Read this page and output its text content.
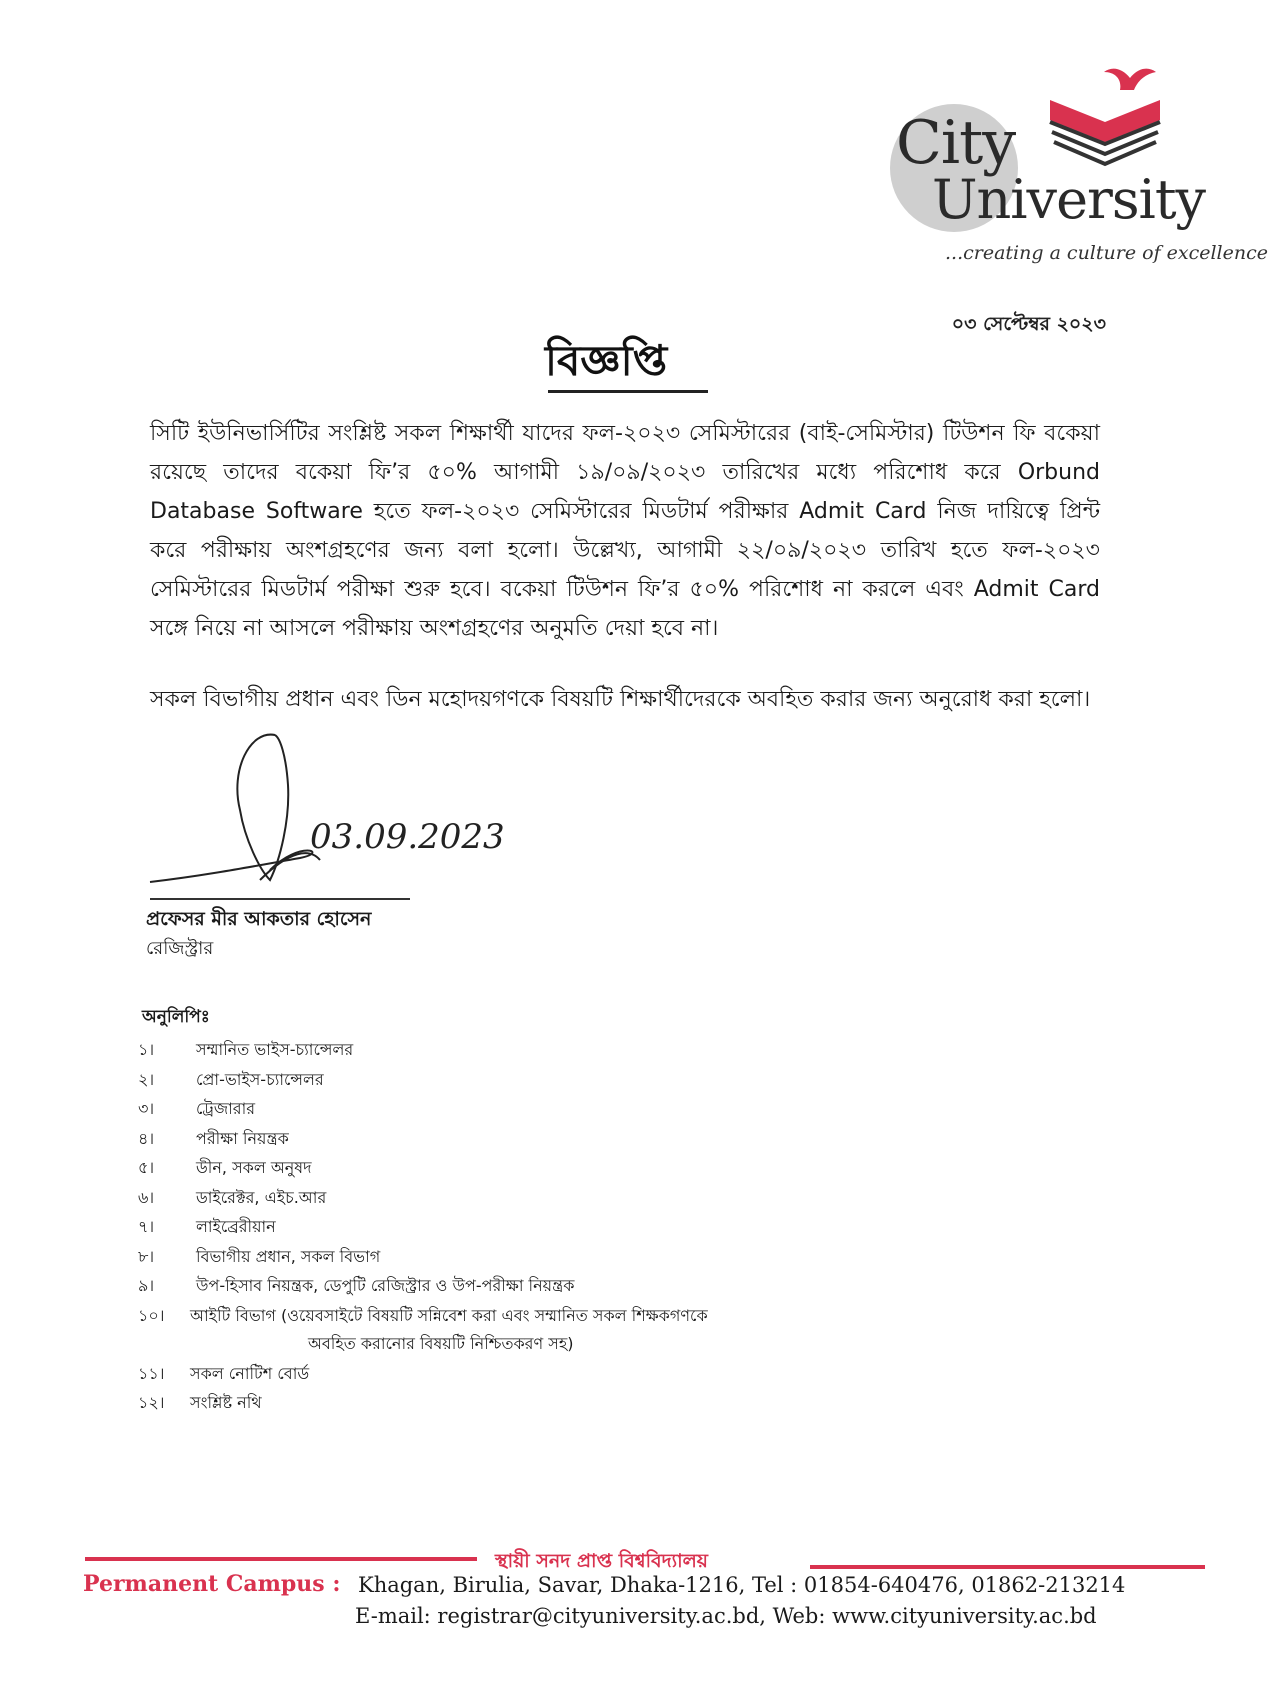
City
University
...creating a culture of excellence
০৩ সেপ্টেম্বর ২০২৩
বিজ্ঞপ্তি
সিটি ইউনিভার্সিটির সংশ্লিষ্ট সকল শিক্ষার্থী যাদের ফল-২০২৩ সেমিস্টারের (বাই-সেমিস্টার) টিউশন ফি বকেয়া রয়েছে তাদের বকেয়া ফি’র ৫০% আগামী ১৯/০৯/২০২৩ তারিখের মধ্যে পরিশোধ করে Orbund Database Software হতে ফল-২০২৩ সেমিস্টারের মিডটার্ম পরীক্ষার Admit Card নিজ দায়িত্বে প্রিন্ট করে পরীক্ষায় অংশগ্রহণের জন্য বলা হলো। উল্লেখ্য, আগামী ২২/০৯/২০২৩ তারিখ হতে ফল-২০২৩ সেমিস্টারের মিডটার্ম পরীক্ষা শুরু হবে। বকেয়া টিউশন ফি’র ৫০% পরিশোধ না করলে এবং Admit Card সঙ্গে নিয়ে না আসলে পরীক্ষায় অংশগ্রহণের অনুমতি দেয়া হবে না।
সকল বিভাগীয় প্রধান এবং ডিন মহোদয়গণকে বিষয়টি শিক্ষার্থীদেরকে অবহিত করার জন্য অনুরোধ করা হলো।
03.09.2023
প্রফেসর মীর আকতার হোসেন
রেজিস্ট্রার
অনুলিপিঃ
১।	সম্মানিত ভাইস-চ্যান্সেলর
২।	প্রো-ভাইস-চ্যান্সেলর
৩।	ট্রেজারার
৪।	পরীক্ষা নিয়ন্ত্রক
৫।	ডীন, সকল অনুষদ
৬।	ডাইরেক্টর, এইচ.আর
৭।	লাইব্রেরীয়ান
৮।	বিভাগীয় প্রধান, সকল বিভাগ
৯।	উপ-হিসাব নিয়ন্ত্রক, ডেপুটি রেজিস্ট্রার ও উপ-পরীক্ষা নিয়ন্ত্রক
১০।	আইটি বিভাগ (ওয়েবসাইটে বিষয়টি সন্নিবেশ করা এবং সম্মানিত সকল শিক্ষকগণকে
অবহিত করানোর বিষয়টি নিশ্চিতকরণ সহ)
১১।	সকল নোটিশ বোর্ড
১২।	সংশ্লিষ্ট নথি
স্থায়ী সনদ প্রাপ্ত বিশ্ববিদ্যালয়
Permanent Campus : Khagan, Birulia, Savar, Dhaka-1216, Tel : 01854-640476, 01862-213214
E-mail: registrar@cityuniversity.ac.bd, Web: www.cityuniversity.ac.bd
